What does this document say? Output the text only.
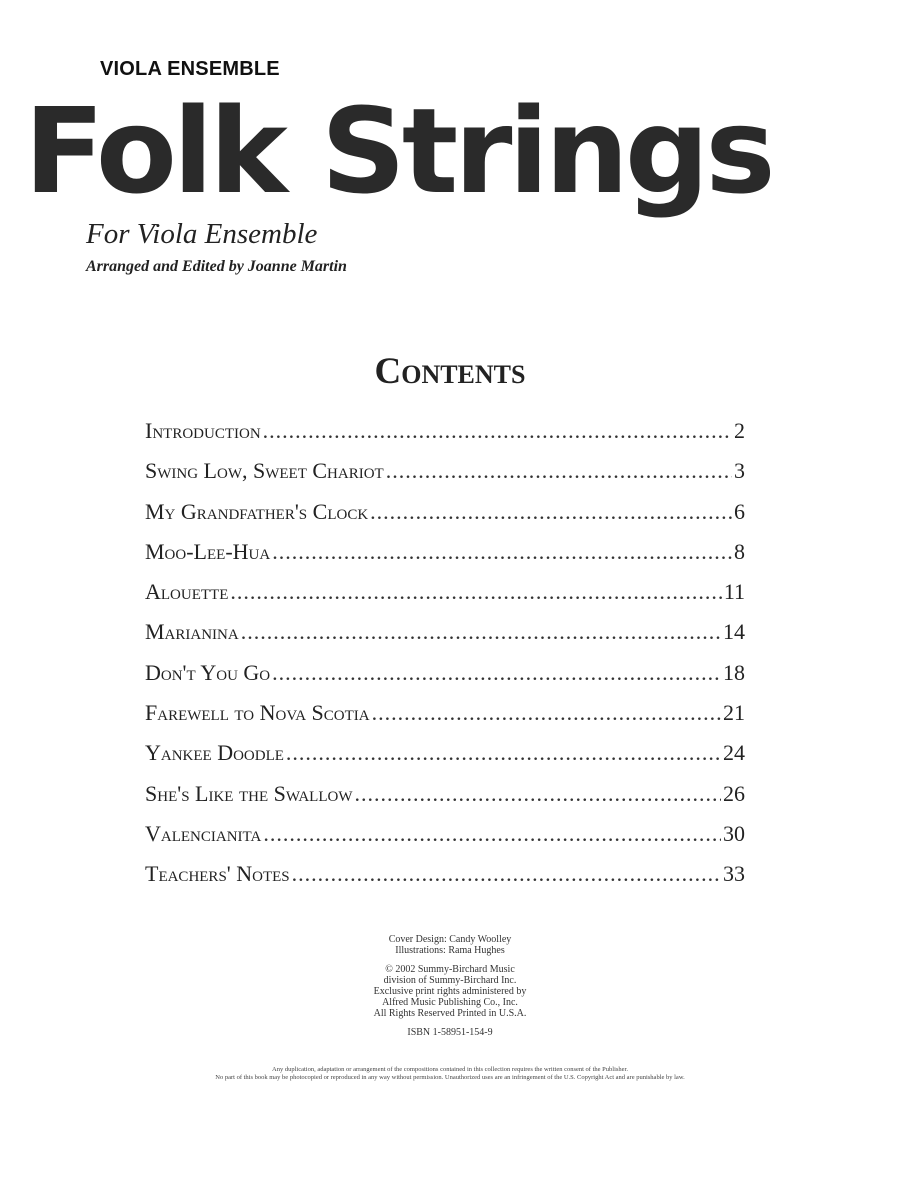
VIOLA ENSEMBLE
Folk Strings
For Viola Ensemble
Arranged and Edited by Joanne Martin
Contents
Introduction .....	2
Swing Low, Sweet Chariot .....	3
My Grandfather's Clock .....	6
Moo-Lee-Hua .....	8
Alouette .....	11
Marianina .....	14
Don't You Go .....	18
Farewell to Nova Scotia .....	21
Yankee Doodle .....	24
She's Like the Swallow .....	26
Valencianita .....	30
Teachers' Notes .....	33

Cover Design: Candy Woolley

Illustrations: Rama Hughes

© 2002 Summy-Birchard Music

division of Summy-Birchard Inc.

Exclusive print rights administered by

Alfred Music Publishing Co., Inc.

All Rights Reserved Printed in U.S.A.

ISBN 1-58951-154-9

Any duplication, adaptation or arrangement of the compositions contained in this collection requires the written consent of the Publisher.

No part of this book may be photocopied or reproduced in any way without permission. Unauthorized uses are an infringement of the U.S. Copyright Act and are punishable by law.
